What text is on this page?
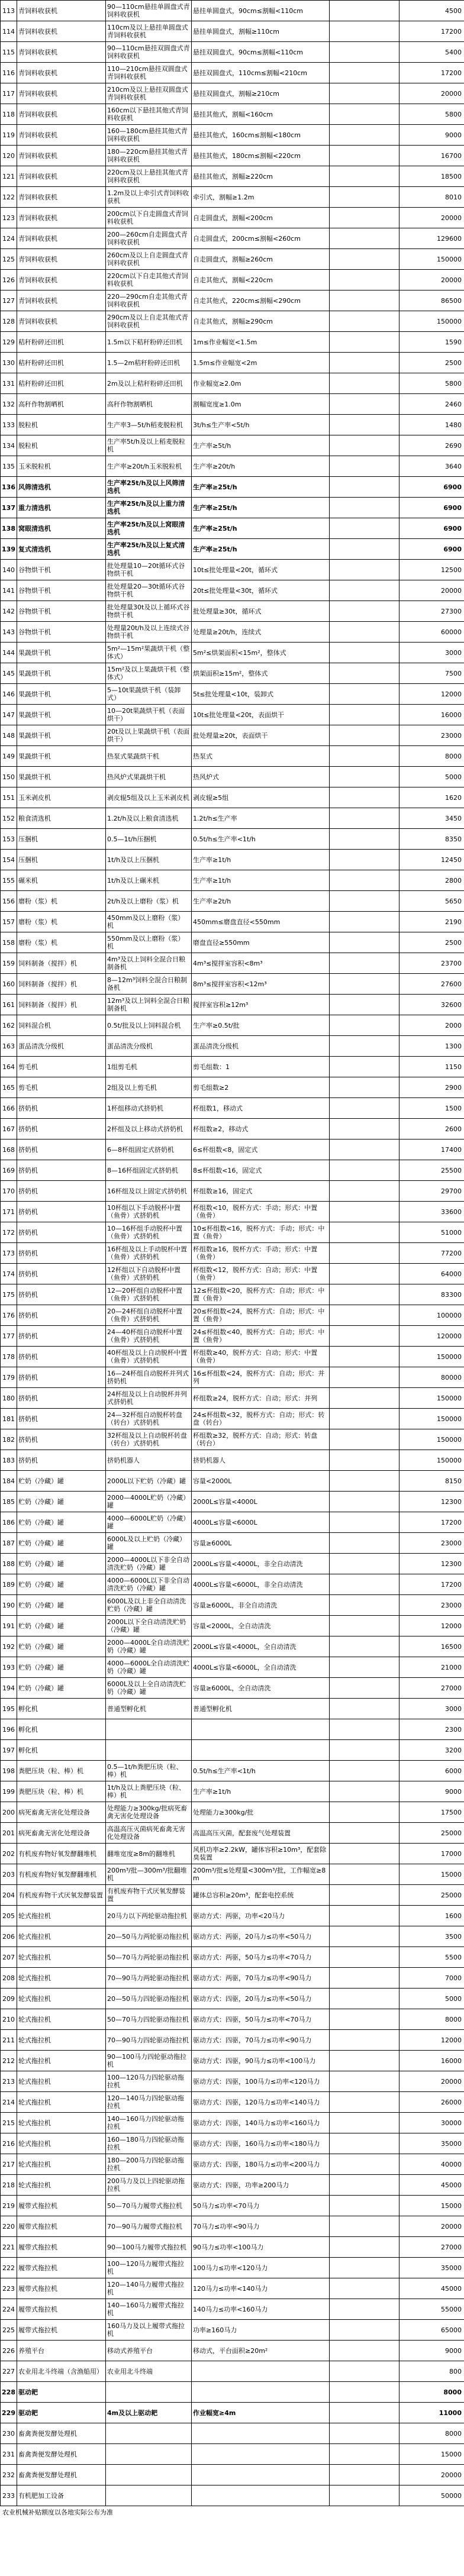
113	青饲料收获机	90—110cm悬挂单圆盘式青饲料收获机	悬挂单圆盘式，90cm≤割幅<110cm		4500
114	青饲料收获机	110cm及以上悬挂单圆盘式青饲料收获机	悬挂单圆盘式，割幅≥110cm		17200
115	青饲料收获机	90—110cm悬挂双圆盘式青饲料收获机	悬挂双圆盘式，90cm≤割幅<110cm		5400
116	青饲料收获机	110—210cm悬挂双圆盘式青饲料收获机	悬挂双圆盘式，110cm≤割幅<210cm		17200
117	青饲料收获机	210cm及以上悬挂双圆盘式青饲料收获机	悬挂双圆盘式，割幅≥210cm		20000
118	青饲料收获机	160cm以下悬挂其他式青饲料收获机	悬挂其他式，割幅<160cm		5800
119	青饲料收获机	160—180cm悬挂其他式青饲料收获机	悬挂其他式，160cm≤割幅<180cm		9000
120	青饲料收获机	180—220cm悬挂其他式青饲料收获机	悬挂其他式，180cm≤割幅<220cm		16700
121	青饲料收获机	220cm及以上悬挂其他式青饲料收获机	悬挂其他式，割幅≥220cm		18500
122	青饲料收获机	1.2m及以上牵引式青饲料收获机	牵引式，割幅≥1.2m		8010
123	青饲料收获机	200cm以下自走圆盘式青饲料收获机	自走圆盘式，割幅<200cm		20000
124	青饲料收获机	200—260cm自走圆盘式青饲料收获机	自走圆盘式，200cm≤割幅<260cm		129600
125	青饲料收获机	260cm及以上自走圆盘式青饲料收获机	自走圆盘式，割幅≥260cm		150000
126	青饲料收获机	220cm以下自走其他式青饲料收获机	自走其他式，割幅<220cm		20000
127	青饲料收获机	220—290cm自走其他式青饲料收获机	自走其他式，220cm≤割幅<290cm		86500
128	青饲料收获机	290cm及以上自走其他式青饲料收获机	自走其他式，割幅≥290cm		150000
129	秸秆粉碎还田机	1.5m以下秸秆粉碎还田机	1m≤作业幅宽<1.5m		1590
130	秸秆粉碎还田机	1.5—2m秸秆粉碎还田机	1.5m≤作业幅宽<2m		2500
131	秸秆粉碎还田机	2m及以上秸秆粉碎还田机	作业幅宽≥2.0m		5800
132	高秆作物割晒机	高秆作物割晒机	割幅宽度≥1.0m		2460
133	脱粒机	生产率3—5t/h稻麦脱粒机	3t/h≤生产率<5t/h		1480
134	脱粒机	生产率5t/h及以上稻麦脱粒机	生产率≥5t/h		2690
135	玉米脱粒机	生产率≥20t/h玉米脱粒机	生产率≥20t/h		3640
136	风筛清选机	生产率25t/h及以上风筛清选机	生产率≥25t/h		6900
137	重力清选机	生产率25t/h及以上重力清选机	生产率≥25t/h		6900
138	窝眼清选机	生产率25t/h及以上窝眼清选机	生产率≥25t/h		6900
139	复式清选机	生产率25t/h及以上复式清选机	生产率≥25t/h		6900
140	谷物烘干机	批处理量10—20t循环式谷物烘干机	10t≤批处理量<20t，循环式		12500
141	谷物烘干机	批处理量20—30t循环式谷物烘干机	20t≤批处理量<30t，循环式		20000
142	谷物烘干机	批处理量30t及以上循环式谷物烘干机	批处理量≥30t，循环式		27300
143	谷物烘干机	处理量20t/h及以上连续式谷物烘干机	处理量≥20t/h，连续式		60000
144	果蔬烘干机	5m²—15m²果蔬烘干机（整体式）	5m²≤烘架面积<15m²，整体式		3000
145	果蔬烘干机	15m²及以上果蔬烘干机（整体式）	烘架面积≥15m²，整体式		7500
146	果蔬烘干机	5—10t果蔬烘干机（装卸式）	5t≤批处理量<10t，装卸式		12000
147	果蔬烘干机	10—20t果蔬烘干机（表面烘干）	10t≤批处理量<20t，表面烘干		16000
148	果蔬烘干机	20t及以上果蔬烘干机（表面烘干）	批处理量≥20t，表面烘干		23000
149	果蔬烘干机	热泵式果蔬烘干机	热泵式		8000
150	果蔬烘干机	热风炉式果蔬烘干机	热风炉式		5000
151	玉米剥皮机	剥皮辊5组及以上玉米剥皮机	剥皮辊≥5组		1620
152	粮食清选机	1.2t/h及以上粮食清选机	1.2t/h≤生产率		3450
153	压捆机	0.5—1t/h压捆机	0.5t/h≤生产率<1t/h		8350
154	压捆机	1t/h及以上压捆机	生产率≥1t/h		12450
155	碾米机	1t/h及以上碾米机	生产率≥1t/h		2800
156	磨粉（浆）机	2t/h及以上磨粉（浆）机	生产率≥2t/h		5650
157	磨粉（浆）机	450mm及以上磨粉（浆）机	450mm≤磨盘直径<550mm		2190
158	磨粉（浆）机	550mm及以上磨粉（浆）机	磨盘直径≥550mm		2500
159	饲料制备（搅拌）机	4m³及以上饲料全混合日粮制备机	4m³≤搅拌室容积<8m³		23700
160	饲料制备（搅拌）机	8—12m³饲料全混合日粮制备机	8m³≤搅拌室容积<12m³		27600
161	饲料制备（搅拌）机	12m³及以上饲料全混合日粮制备机	搅拌室容积≥12m³		32600
162	饲料混合机	0.5t/批及以上饲料混合机	生产率≥0.5t/批		2000
163	蛋品清洗分级机	蛋品清洗分级机	蛋品清洗分级机		1300
164	剪毛机	1组剪毛机	剪毛组数：1		1150
165	剪毛机	2组及以上剪毛机	剪毛组数≥2		2900
166	挤奶机	1杯组移动式挤奶机	杯组数1，移动式		1500
167	挤奶机	2杯组及以上移动式挤奶机	杯组数≥2，移动式		2600
168	挤奶机	6—8杯组固定式挤奶机	6≤杯组数<8，固定式		17400
169	挤奶机	8—16杯组固定式挤奶机	8≤杯组数<16，固定式		25500
170	挤奶机	16杯组及以上固定式挤奶机	杯组数≥16，固定式		29700
171	挤奶机	10杯组以下手动脱杯中置（鱼骨）式挤奶机	杯组数<10，脱杯方式：手动；形式：中置（鱼骨）		33600
172	挤奶机	10—16杯组手动脱杯中置（鱼骨）式挤奶机	10≤杯组数<16，脱杯方式：手动；形式：中置（鱼骨）		51000
173	挤奶机	16杯组及以上手动脱杯中置（鱼骨）式挤奶机	杯组数≥16，脱杯方式：手动；形式：中置（鱼骨）		77200
174	挤奶机	12杯组以下自动脱杯中置（鱼骨）式挤奶机	杯组数<12，脱杯方式：自动；形式：中置（鱼骨）		64000
175	挤奶机	12—20杯组自动脱杯中置（鱼骨）式挤奶机	12≤杯组数<20，脱杯方式：自动；形式：中置（鱼骨）		83300
176	挤奶机	20—24杯组自动脱杯中置（鱼骨）式挤奶机	20≤杯组数<24，脱杯方式：自动；形式：中置（鱼骨）		100000
177	挤奶机	24—40杯组自动脱杯中置（鱼骨）式挤奶机	24≤杯组数<40，脱杯方式：自动；形式：中置（鱼骨）		120000
178	挤奶机	40杯组及以上自动脱杯中置（鱼骨）式挤奶机	杯组数≥40，脱杯方式：自动；形式：中置（鱼骨）		150000
179	挤奶机	16—24杯组自动脱杯并列式挤奶机	16≤杯组数<24，脱杯方式：自动；形式：并列		80000
180	挤奶机	24杯组及以上自动脱杯并列式挤奶机	杯组数≥24，脱杯方式：自动；形式：并列		150000
181	挤奶机	24—32杯组自动脱杯转盘（转台）式挤奶机	24≤杯组数<32，脱杯方式：自动；形式：转盘（转台）		150000
182	挤奶机	32杯组及以上自动脱杯转盘（转台）式挤奶机	杯组数≥32，脱杯方式：自动；形式：转盘（转台）		150000
183	挤奶机	挤奶机器人	挤奶机器人		150000
184	贮奶（冷藏）罐	2000L以下贮奶（冷藏）罐	容量<2000L		8150
185	贮奶（冷藏）罐	2000—4000L贮奶（冷藏）罐	2000L≤容量<4000L		12300
186	贮奶（冷藏）罐	4000—6000L贮奶（冷藏）罐	4000L≤容量<6000L		17200
187	贮奶（冷藏）罐	6000L及以上贮奶（冷藏）罐	容量≥6000L		23000
188	贮奶（冷藏）罐	2000—4000L以下非全自动清洗贮奶（冷藏）罐	2000L≤容量<4000L，非全自动清洗		12300
189	贮奶（冷藏）罐	4000—6000L以下非全自动清洗贮奶（冷藏）罐	4000L≤容量<6000L，非全自动清洗		17200
190	贮奶（冷藏）罐	6000L及以上非全自动清洗贮奶（冷藏）罐	容量≥6000L，非全自动清洗		23000
191	贮奶（冷藏）罐	2000L以下全自动清洗贮奶（冷藏）罐	容量<2000L，全自动清洗		12000
192	贮奶（冷藏）罐	2000—4000L全自动清洗贮奶（冷藏）罐	2000L≤容量<4000L，全自动清洗		16500
193	贮奶（冷藏）罐	4000—6000L全自动清洗贮奶（冷藏）罐	4000L≤容量<6000L，全自动清洗		21000
194	贮奶（冷藏）罐	6000L及以上全自动清洗贮奶（冷藏）罐	容量≥6000L，全自动清洗		27000
195	孵化机	普通型孵化机	普通型孵化机		3000
196	孵化机				2300
197	孵化机				3200
198	粪肥压块（粒、棒）机	0.5—1t/h粪肥压块（粒、棒）机	0.5t/h≤生产率<1t/h		6000
199	粪肥压块（粒、棒）机	1t/h及以上粪肥压块（粒、棒）机	生产率≥1t/h		9000
200	病死畜禽无害化处理设备	处理能力≥300kg/批病死畜禽无害化处理设备	处理能力≥300kg/批		17500
201	病死畜禽无害化处理设备	高温高压灭菌病死畜禽无害化处理设备	高温高压灭菌，配套废气处理装置		25000
202	有机废弃物好氧发酵翻堆机	翻堆宽度≥8m的翻堆机	风机功率≥2.2kW，罐体容积≥10m³，配套除臭装置		17000
203	有机废弃物好氧发酵翻堆机	200m³/批—300m³/批翻堆机	200m³/批≤处理量<300m³/批，工作幅宽≥8m		15000
204	有机废弃物干式厌氧发酵装置	有机废弃物干式厌氧发酵装置	罐体总容积≥20m³，配套电控系统		25000
205	轮式拖拉机	20马力以下两轮驱动拖拉机	驱动方式：两驱，功率<20马力		1600
206	轮式拖拉机	20—50马力两轮驱动拖拉机	驱动方式：两驱，20马力≤功率<50马力		3500
207	轮式拖拉机	50—70马力两轮驱动拖拉机	驱动方式：两驱，50马力≤功率<70马力		5500
208	轮式拖拉机	70—90马力两轮驱动拖拉机	驱动方式：两驱，70马力≤功率<90马力		7000
209	轮式拖拉机	20—50马力四轮驱动拖拉机	驱动方式：四驱，20马力≤功率<50马力		5000
210	轮式拖拉机	50—70马力四轮驱动拖拉机	驱动方式：四驱，50马力≤功率<70马力		8000
211	轮式拖拉机	70—90马力四轮驱动拖拉机	驱动方式：四驱，70马力≤功率<90马力		12000
212	轮式拖拉机	90—100马力四轮驱动拖拉机	驱动方式：四驱，90马力≤功率<100马力		16000
213	轮式拖拉机	100—120马力四轮驱动拖拉机	驱动方式：四驱，100马力≤功率<120马力		20000
214	轮式拖拉机	120—140马力四轮驱动拖拉机	驱动方式：四驱，120马力≤功率<140马力		26000
215	轮式拖拉机	140—160马力四轮驱动拖拉机	驱动方式：四驱，140马力≤功率<160马力		30000
216	轮式拖拉机	160—180马力四轮驱动拖拉机	驱动方式：四驱，160马力≤功率<180马力		35000
217	轮式拖拉机	180—200马力四轮驱动拖拉机	驱动方式：四驱，180马力≤功率<200马力		40000
218	轮式拖拉机	200马力及以上四轮驱动拖拉机	驱动方式：四驱，功率≥200马力		45000
219	履带式拖拉机	50—70马力履带式拖拉机	50马力≤功率<70马力		15000
220	履带式拖拉机	70—90马力履带式拖拉机	70马力≤功率<90马力		20000
221	履带式拖拉机	90—100马力履带式拖拉机	90马力≤功率<100马力		27000
222	履带式拖拉机	100—120马力履带式拖拉机	100马力≤功率<120马力		35000
223	履带式拖拉机	120—140马力履带式拖拉机	120马力≤功率<140马力		45000
224	履带式拖拉机	140—160马力履带式拖拉机	140马力≤功率<160马力		55000
225	履带式拖拉机	160马力及以上履带式拖拉机	功率≥160马力		65000
226	养殖平台	移动式养殖平台	移动式，平台面积≥20m²		9000
227	农业用北斗终端（含渔船用）	农业用北斗终端			800
228	驱动耙				8000
229	驱动耙	4m及以上驱动耙	作业幅宽≥4m		11000
230	畜禽粪便发酵处理机				8000
231	畜禽粪便发酵处理机				15000
232	畜禽粪便发酵处理机				20000
233	有机肥加工设备				50000
农业机械补贴额度以各地实际公布为准
